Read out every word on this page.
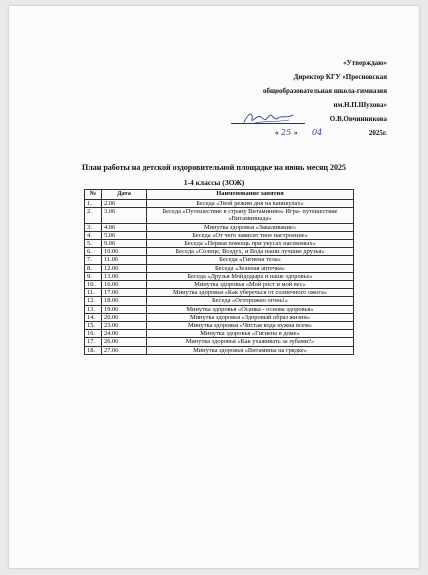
«Утверждаю»
Директор КГУ «Пресновская
общеобразовательная школа-гимназия
им.Н.П.Шухова»
О.В.Овчинникова
« 25 » 04	2025г.
План работы на детской оздоровительной площадке на июнь месяц 2025
1-4 классы (ЗОЖ)
№	Дата	Наименование занятия
1.	2.06	Беседа «Твой режим дня на каникулах»
2.	3.06	Беседа «Путешествие в страну Витаминию» Игра- путешествие «Витаминиада»
3.	4.06	Минутка здоровья «Закаливание»
4.	5.06	Беседа «От чего зависит твое настроение»
5.	9.06	Беседа «Первая помощь при укусах насекомых»
6.	10.06	Беседа «Солнце, Воздух, и Вода наши лучшие друзья»
7.	11.06	Беседа «Гигиена тела»
8.	12.06	Беседа «Зеленая аптечка»
9.	13.06	Беседа «Друзья Мойдодыра и наше здоровье»
10.	16.06	Минутка здоровья «Мой рост и мой вес»
11.	17.06	Минутка здоровья «Как уберечься от солнечного ожога»
12.	18.06	Беседа «Осторожно огонь!»
13.	19.06	Минутка здоровья «Осанка - основа здоровья»
14.	20.06	Минутка здоровья «Здоровый образ жизни»
15.	23.06	Минутка здоровья «Чистая вода нужна всем»
16.	24.06	Минутка здоровья «Гигиена в доме»
17.	26.06	Минутка здоровья «Как ухаживать за зубами?»
18.	27.06	Минутка здоровья «Витамины на грядке»
